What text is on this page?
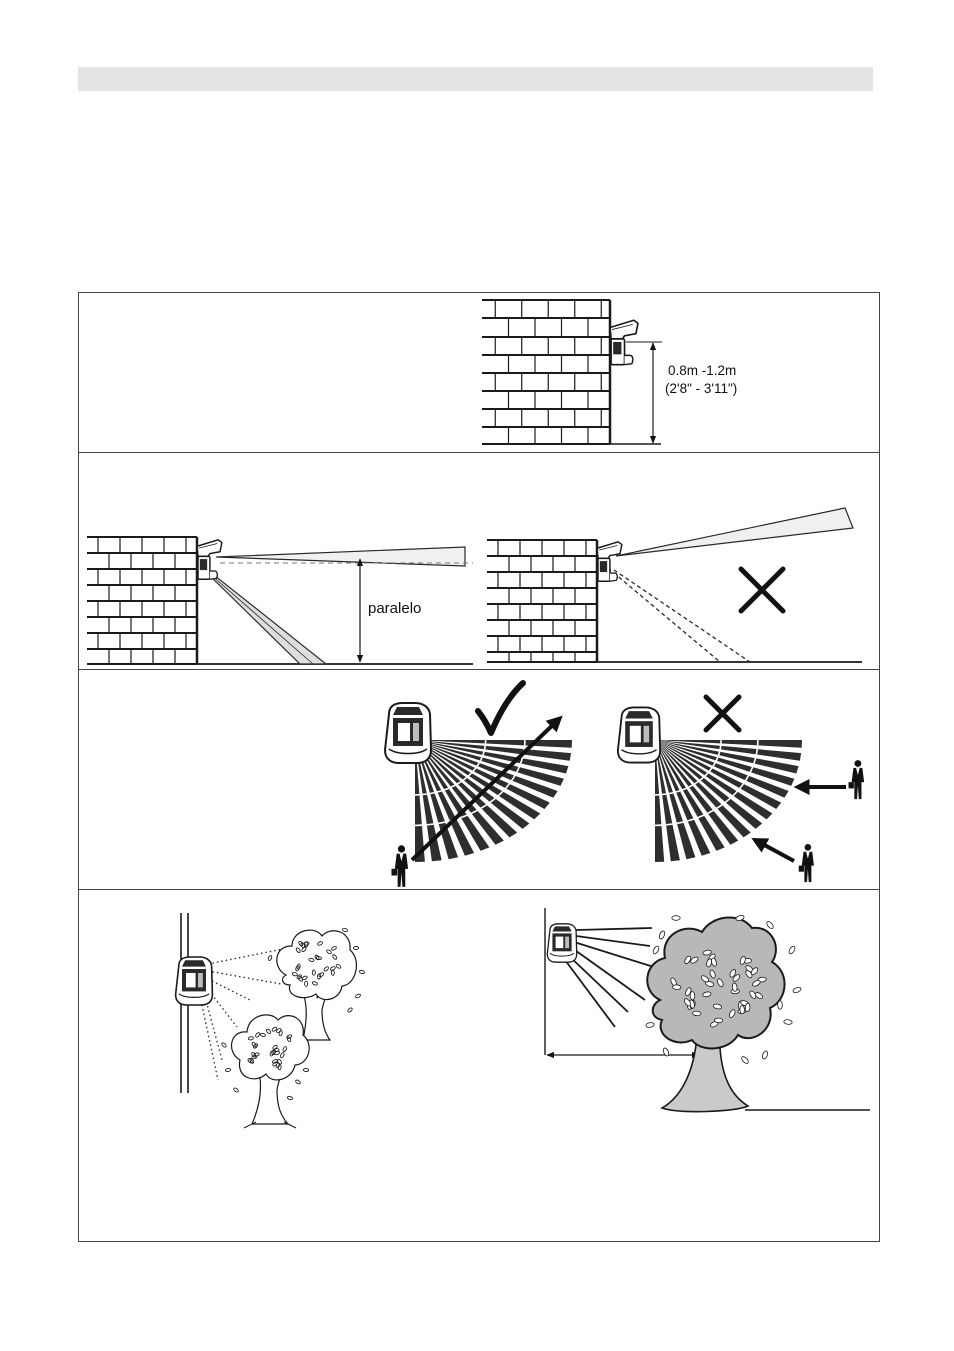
0.8m -1.2m
(2'8" - 3'11")
paralelo
